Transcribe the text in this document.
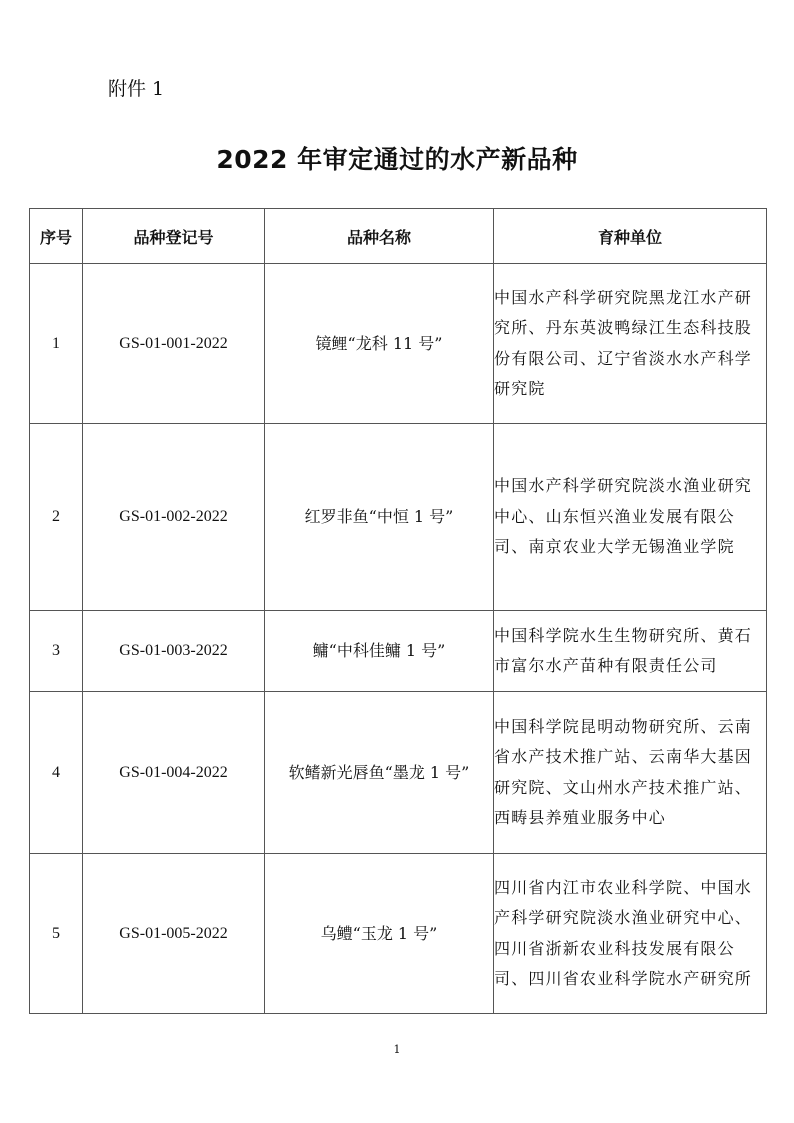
附件 1
2022 年审定通过的水产新品种
序号	品种登记号	品种名称	育种单位
1	GS-01-001-2022	镜鲤“龙科 11 号”	中国水产科学研究院黑龙江水产研究所、丹东英波鸭绿江生态科技股份有限公司、辽宁省淡水水产科学研究院
2	GS-01-002-2022	红罗非鱼“中恒 1 号”	中国水产科学研究院淡水渔业研究中心、山东恒兴渔业发展有限公司、南京农业大学无锡渔业学院
3	GS-01-003-2022	鳙“中科佳鳙 1 号”	中国科学院水生生物研究所、黄石市富尔水产苗种有限责任公司
4	GS-01-004-2022	软鳍新光唇鱼“墨龙 1 号”	中国科学院昆明动物研究所、云南省水产技术推广站、云南华大基因研究院、文山州水产技术推广站、西畴县养殖业服务中心
5	GS-01-005-2022	乌鳢“玉龙 1 号”	四川省内江市农业科学院、中国水产科学研究院淡水渔业研究中心、四川省浙新农业科技发展有限公司、四川省农业科学院水产研究所
1
